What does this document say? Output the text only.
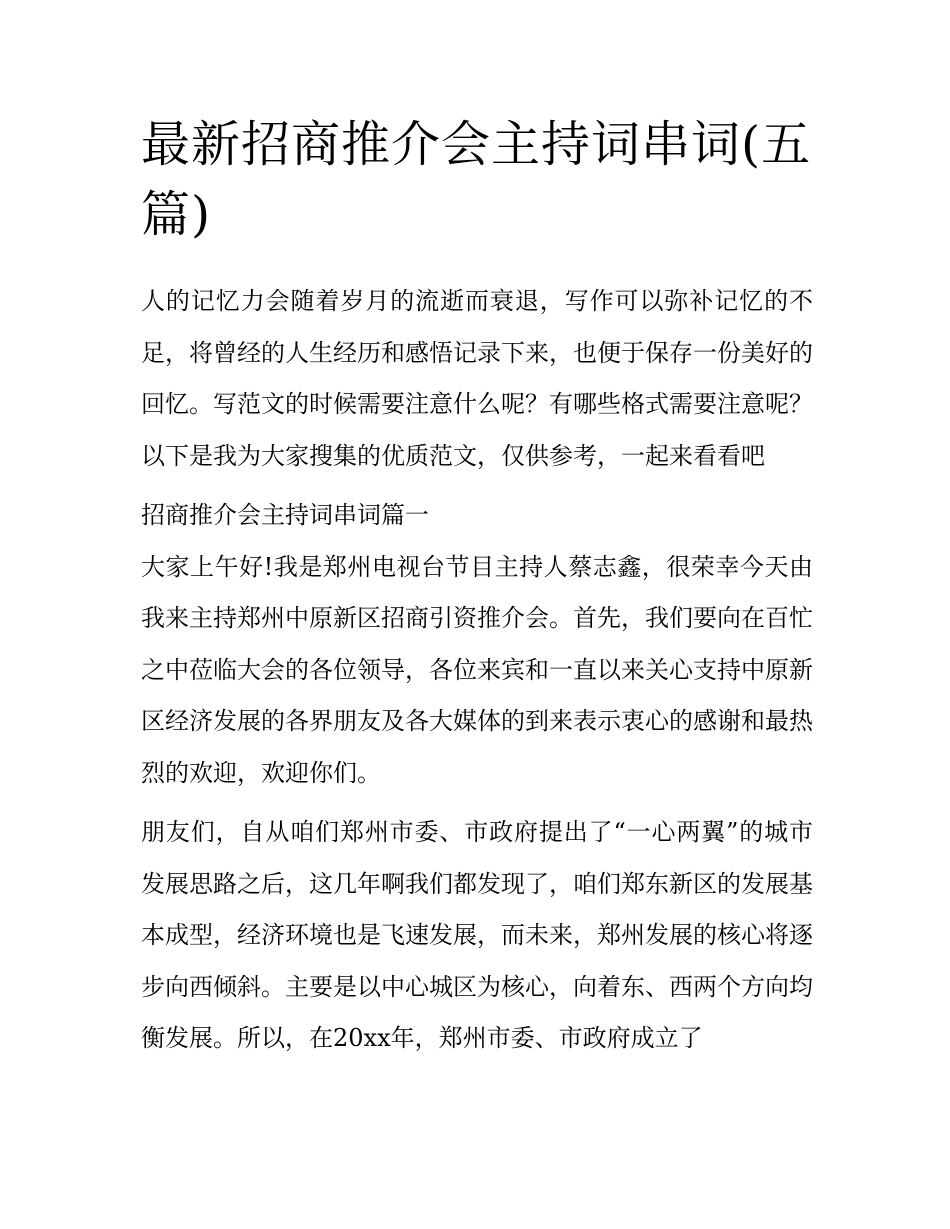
最新招商推介会主持词串词(五篇)

人的记忆力会随着岁月的流逝而衰退，写作可以弥补记忆的不足，将曾经的人生经历和感悟记录下来，也便于保存一份美好的回忆。写范文的时候需要注意什么呢？有哪些格式需要注意呢？以下是我为大家搜集的优质范文，仅供参考，一起来看看吧

招商推介会主持词串词篇一

大家上午好!我是郑州电视台节目主持人蔡志鑫，很荣幸今天由我来主持郑州中原新区招商引资推介会。首先，我们要向在百忙之中莅临大会的各位领导，各位来宾和一直以来关心支持中原新区经济发展的各界朋友及各大媒体的到来表示衷心的感谢和最热烈的欢迎，欢迎你们。

朋友们，自从咱们郑州市委、市政府提出了“一心两翼”的城市发展思路之后，这几年啊我们都发现了，咱们郑东新区的发展基本成型，经济环境也是飞速发展，而未来，郑州发展的核心将逐步向西倾斜。主要是以中心城区为核心，向着东、西两个方向均衡发展。所以，在20xx年，郑州市委、市政府成立了
